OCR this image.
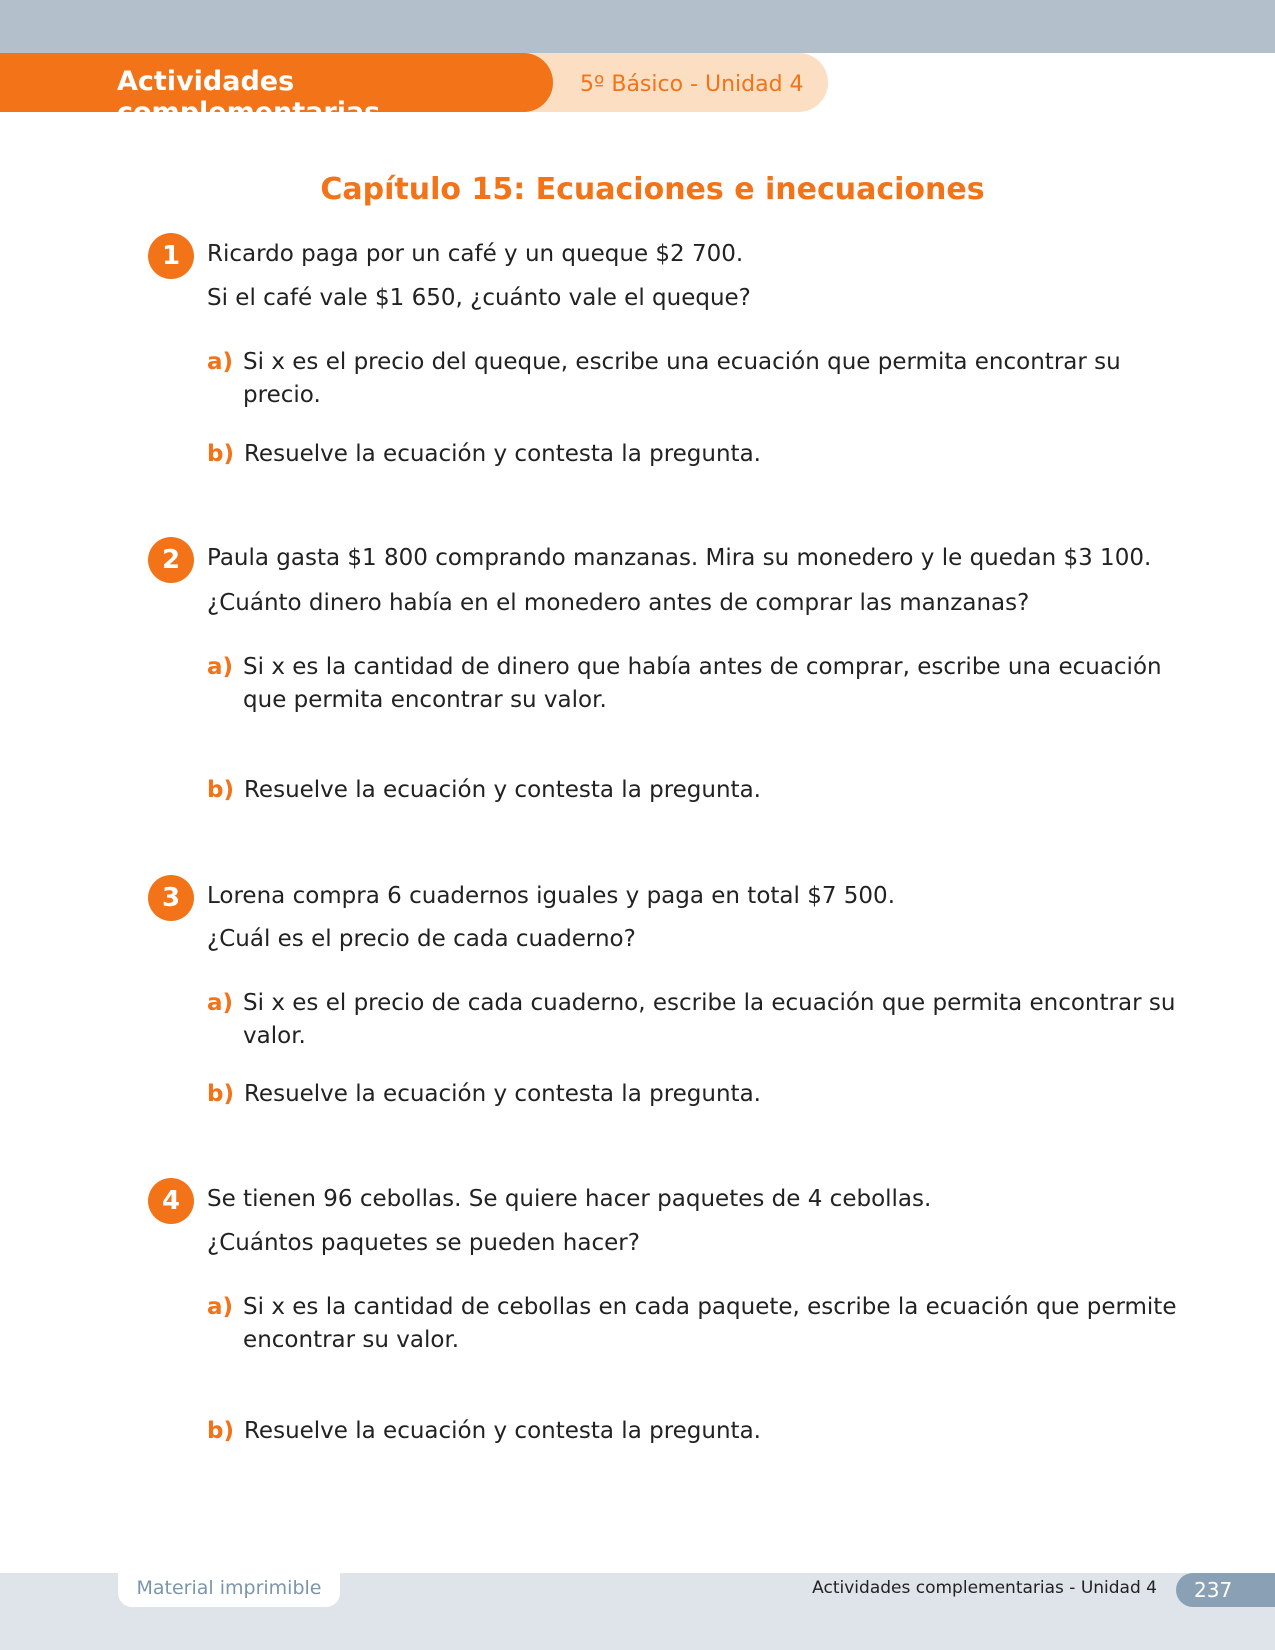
Actividades complementarias
5º Básico - Unidad 4
Capítulo 15: Ecuaciones e inecuaciones
1	Ricardo paga por un café y un queque $2 700.
Si el café vale $1 650, ¿cuánto vale el queque?
a) Si x es el precio del queque, escribe una ecuación que permita encontrar su precio.
b) Resuelve la ecuación y contesta la pregunta.
2	Paula gasta $1 800 comprando manzanas. Mira su monedero y le quedan $3 100.
¿Cuánto dinero había en el monedero antes de comprar las manzanas?
a) Si x es la cantidad de dinero que había antes de comprar, escribe una ecuación que permita encontrar su valor.
b) Resuelve la ecuación y contesta la pregunta.
3	Lorena compra 6 cuadernos iguales y paga en total $7 500.
¿Cuál es el precio de cada cuaderno?
a) Si x es el precio de cada cuaderno, escribe la ecuación que permita encontrar su valor.
b) Resuelve la ecuación y contesta la pregunta.
4	Se tienen 96 cebollas. Se quiere hacer paquetes de 4 cebollas.
¿Cuántos paquetes se pueden hacer?
a) Si x es la cantidad de cebollas en cada paquete, escribe la ecuación que permite encontrar su valor.
b) Resuelve la ecuación y contesta la pregunta.
Material imprimible	Actividades complementarias - Unidad 4	237
